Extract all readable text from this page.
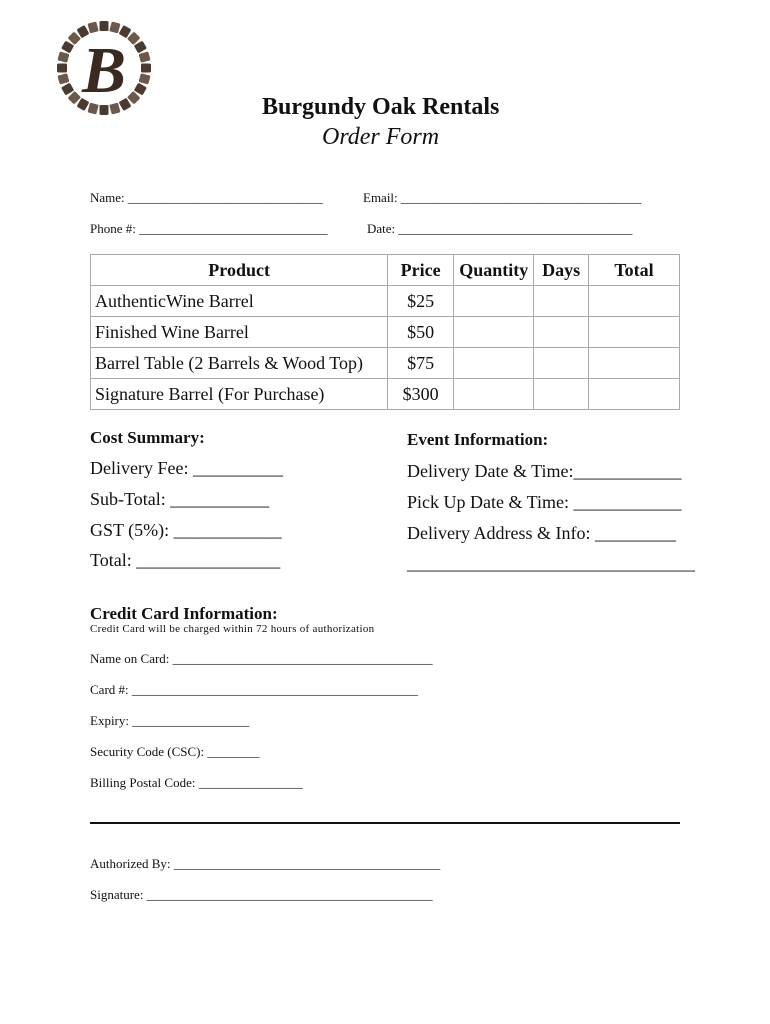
B	Burgundy Oak Rentals
Order Form
Name: ______________________________	Email: _____________________________________
Phone #: _____________________________	Date: ____________________________________
Product	Price	Quantity	Days	Total
AuthenticWine Barrel	$25			
Finished Wine Barrel	$50			
Barrel Table (2 Barrels & Wood Top)	$75			
Signature Barrel (For Purchase)	$300			
Cost Summary:
Delivery Fee: __________
Sub-Total: ___________
GST (5%): ____________
Total: ________________
Event Information:
Delivery Date & Time:____________
Pick Up Date & Time: ____________
Delivery Address & Info: _________
________________________________
Credit Card Information:
Credit Card will be charged within 72 hours of authorization
Name on Card: ________________________________________
Card #: ____________________________________________
Expiry: __________________
Security Code (CSC): ________
Billing Postal Code: ________________
Authorized By: _________________________________________
Signature: ____________________________________________
